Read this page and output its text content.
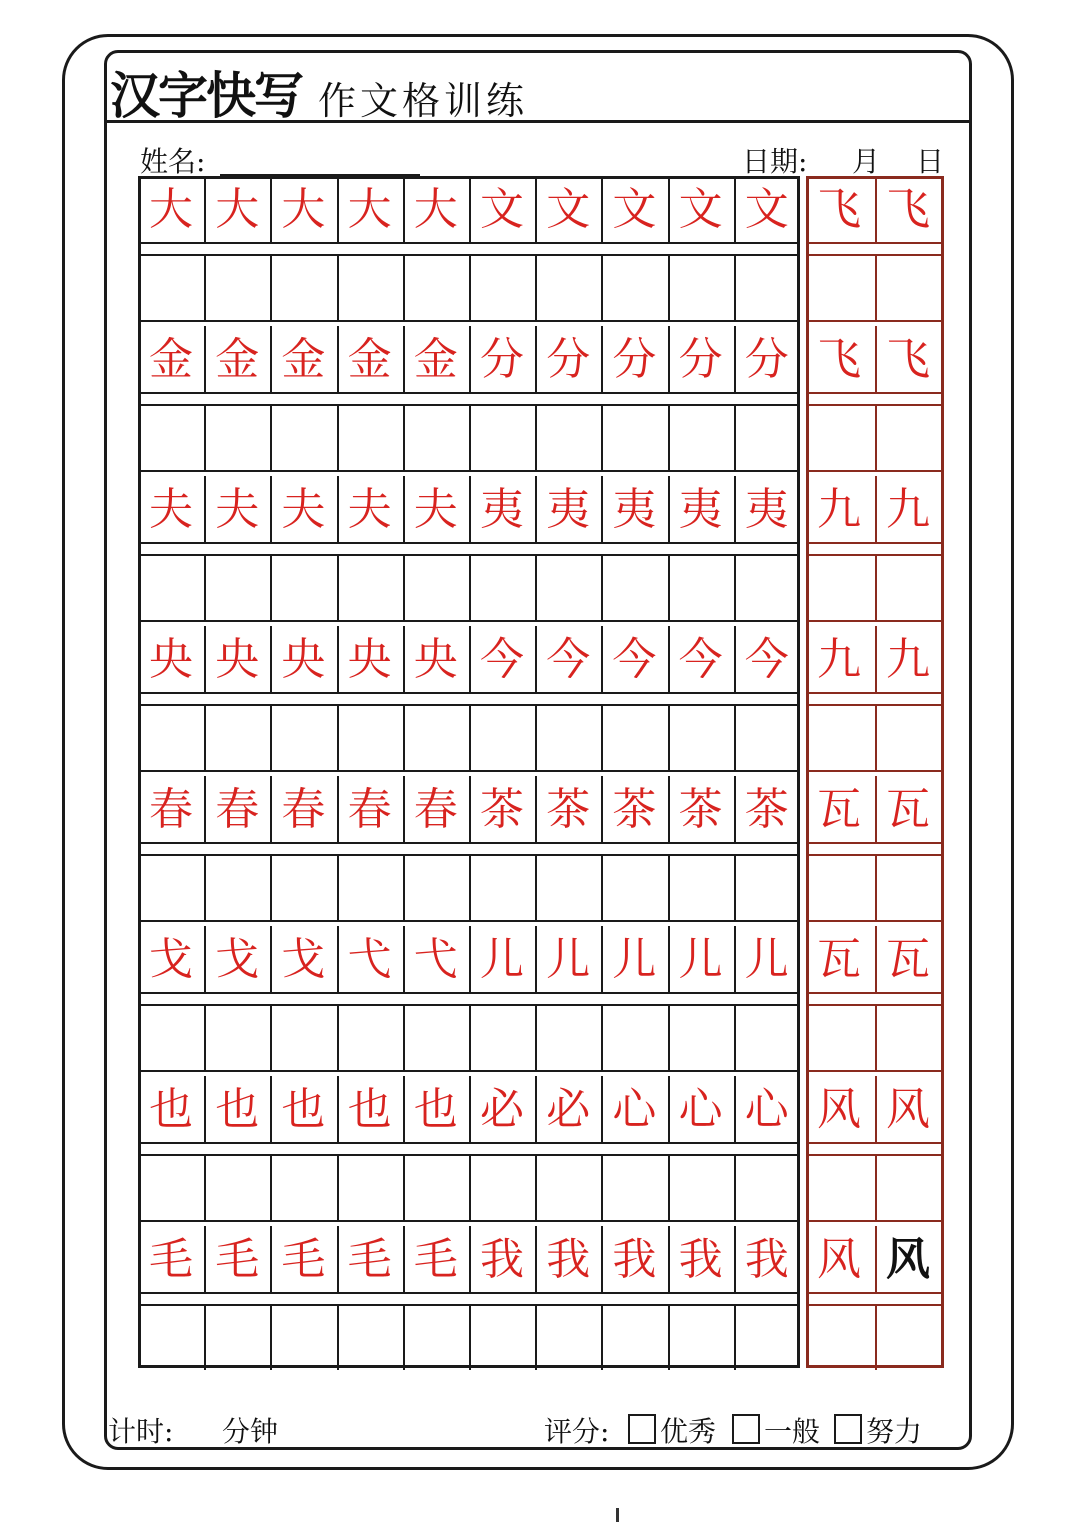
汉字快写 作文格训练
姓名:	日期: 月 日
大 大 大 大 大 文 文 文 文 文 飞 飞
金 金 金 金 金 分 分 分 分 分 飞 飞
夫 夫 夫 夫 夫 夷 夷 夷 夷 夷 九 九
央 央 央 央 央 今 今 今 今 今 九 九
春 春 春 春 春 茶 茶 茶 茶 茶 瓦 瓦
戈 戈 戈 弋 弋 儿 儿 儿 儿 儿 瓦 瓦
也 也 也 也 也 必 必 心 心 心 风 风
毛 毛 毛 毛 毛 我 我 我 我 我 风 风
计时: 分钟	评分: 优秀 一般 努力
